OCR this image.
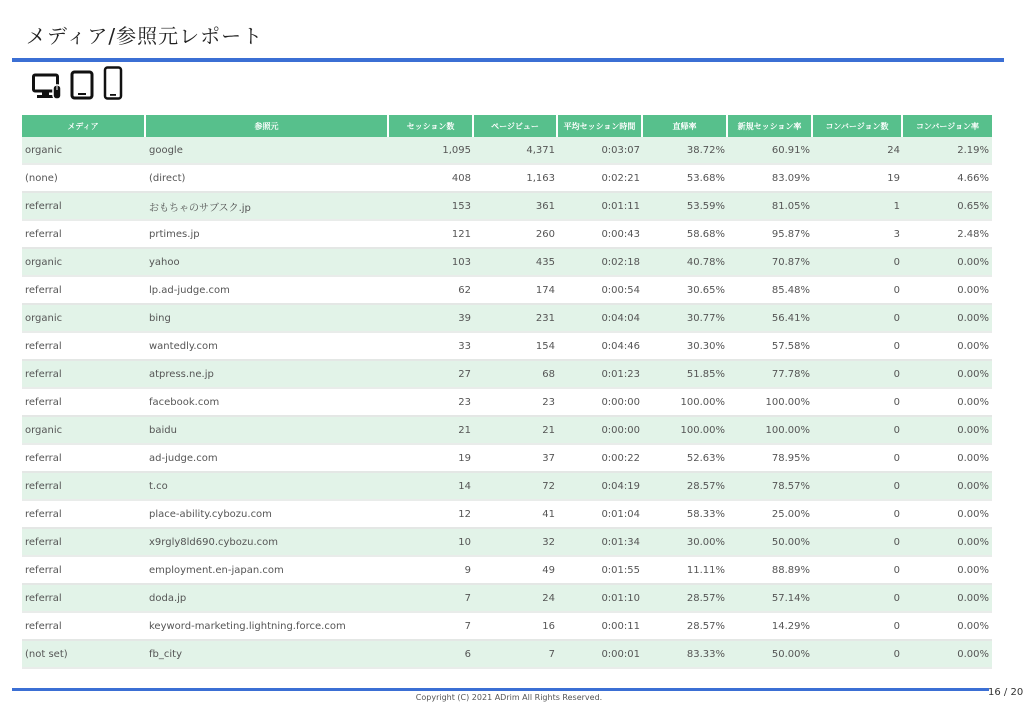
メディア/参照元レポート
メディア	参照元	セッション数	ページビュー	平均セッション時間	直帰率	新規セッション率	コンバージョン数	コンバージョン率
organic	google	1,095	4,371	0:03:07	38.72%	60.91%	24	2.19%
(none)	(direct)	408	1,163	0:02:21	53.68%	83.09%	19	4.66%
referral	おもちゃのサブスク.jp	153	361	0:01:11	53.59%	81.05%	1	0.65%
referral	prtimes.jp	121	260	0:00:43	58.68%	95.87%	3	2.48%
organic	yahoo	103	435	0:02:18	40.78%	70.87%	0	0.00%
referral	lp.ad-judge.com	62	174	0:00:54	30.65%	85.48%	0	0.00%
organic	bing	39	231	0:04:04	30.77%	56.41%	0	0.00%
referral	wantedly.com	33	154	0:04:46	30.30%	57.58%	0	0.00%
referral	atpress.ne.jp	27	68	0:01:23	51.85%	77.78%	0	0.00%
referral	facebook.com	23	23	0:00:00	100.00%	100.00%	0	0.00%
organic	baidu	21	21	0:00:00	100.00%	100.00%	0	0.00%
referral	ad-judge.com	19	37	0:00:22	52.63%	78.95%	0	0.00%
referral	t.co	14	72	0:04:19	28.57%	78.57%	0	0.00%
referral	place-ability.cybozu.com	12	41	0:01:04	58.33%	25.00%	0	0.00%
referral	x9rgly8ld690.cybozu.com	10	32	0:01:34	30.00%	50.00%	0	0.00%
referral	employment.en-japan.com	9	49	0:01:55	11.11%	88.89%	0	0.00%
referral	doda.jp	7	24	0:01:10	28.57%	57.14%	0	0.00%
referral	keyword-marketing.lightning.force.com	7	16	0:00:11	28.57%	14.29%	0	0.00%
(not set)	fb_city	6	7	0:00:01	83.33%	50.00%	0	0.00%
Copyright (C) 2021 ADrim All Rights Reserved.	16 / 20
